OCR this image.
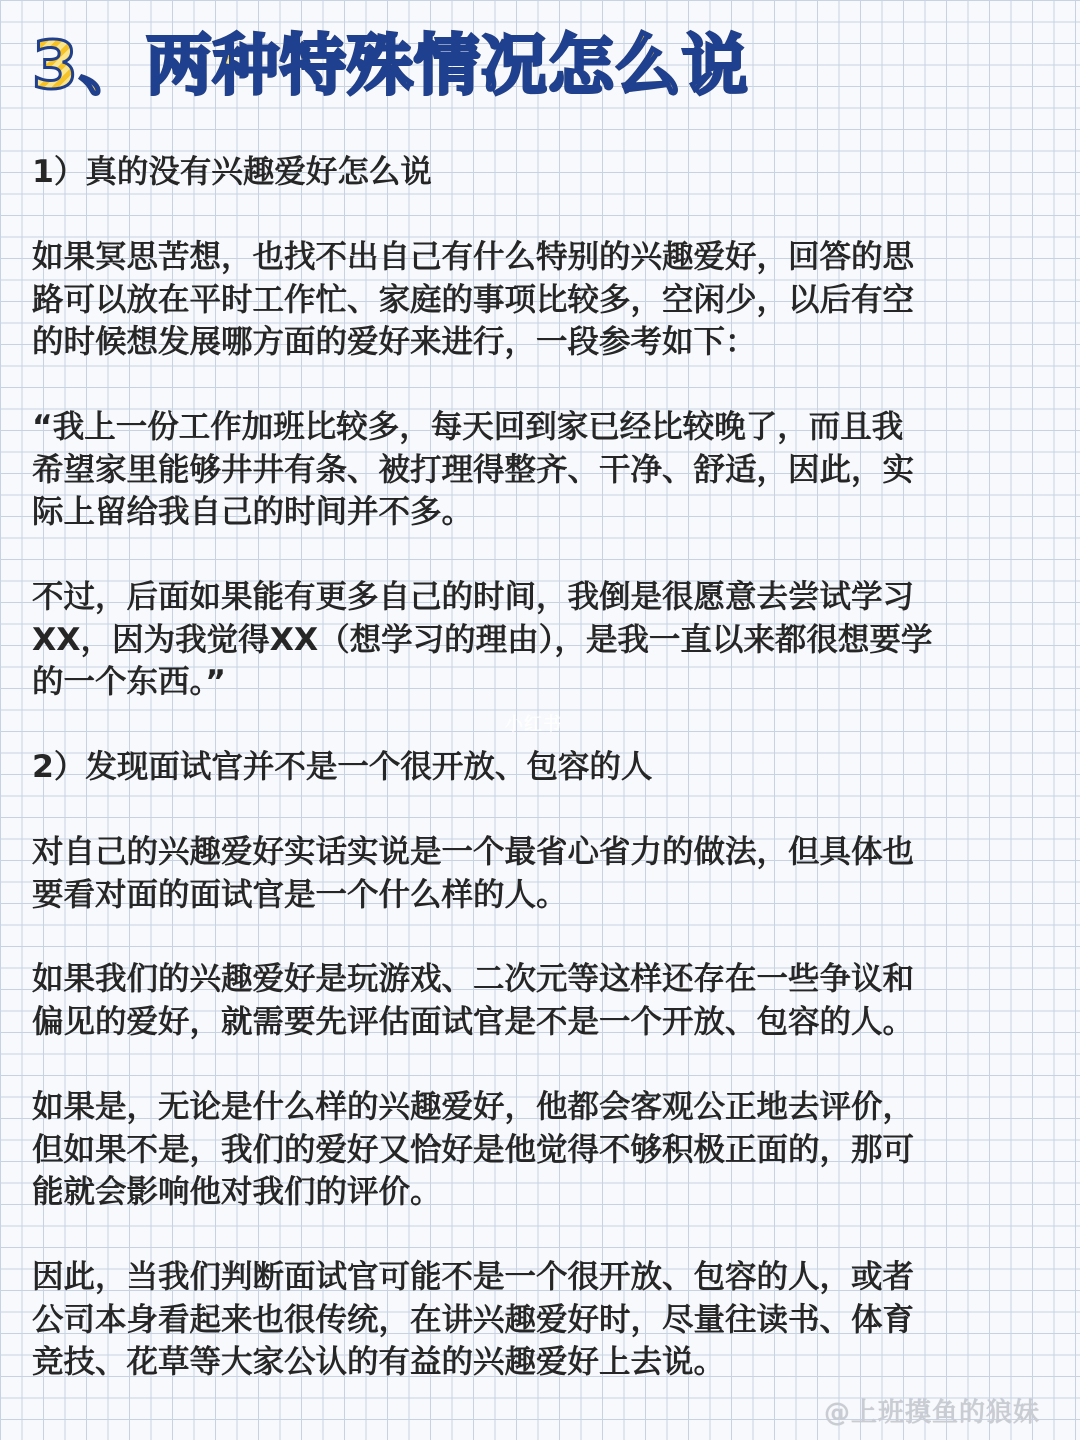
3、两种特殊情况怎么说

1）真的没有兴趣爱好怎么说

如果冥思苦想，也找不出自己有什么特别的兴趣爱好，回答的思
路可以放在平时工作忙、家庭的事项比较多，空闲少，以后有空
的时候想发展哪方面的爱好来进行，一段参考如下：

“我上一份工作加班比较多，每天回到家已经比较晚了，而且我
希望家里能够井井有条、被打理得整齐、干净、舒适，因此，实
际上留给我自己的时间并不多。

不过，后面如果能有更多自己的时间，我倒是很愿意去尝试学习
XX，因为我觉得XX（想学习的理由），是我一直以来都很想要学
的一个东西。”

2）发现面试官并不是一个很开放、包容的人

对自己的兴趣爱好实话实说是一个最省心省力的做法，但具体也
要看对面的面试官是一个什么样的人。

如果我们的兴趣爱好是玩游戏、二次元等这样还存在一些争议和
偏见的爱好，就需要先评估面试官是不是一个开放、包容的人。

如果是，无论是什么样的兴趣爱好，他都会客观公正地去评价，
但如果不是，我们的爱好又恰好是他觉得不够积极正面的，那可
能就会影响他对我们的评价。

因此，当我们判断面试官可能不是一个很开放、包容的人，或者
公司本身看起来也很传统，在讲兴趣爱好时，尽量往读书、体育
竞技、花草等大家公认的有益的兴趣爱好上去说。

小红书
@上班摸鱼的狼妹
